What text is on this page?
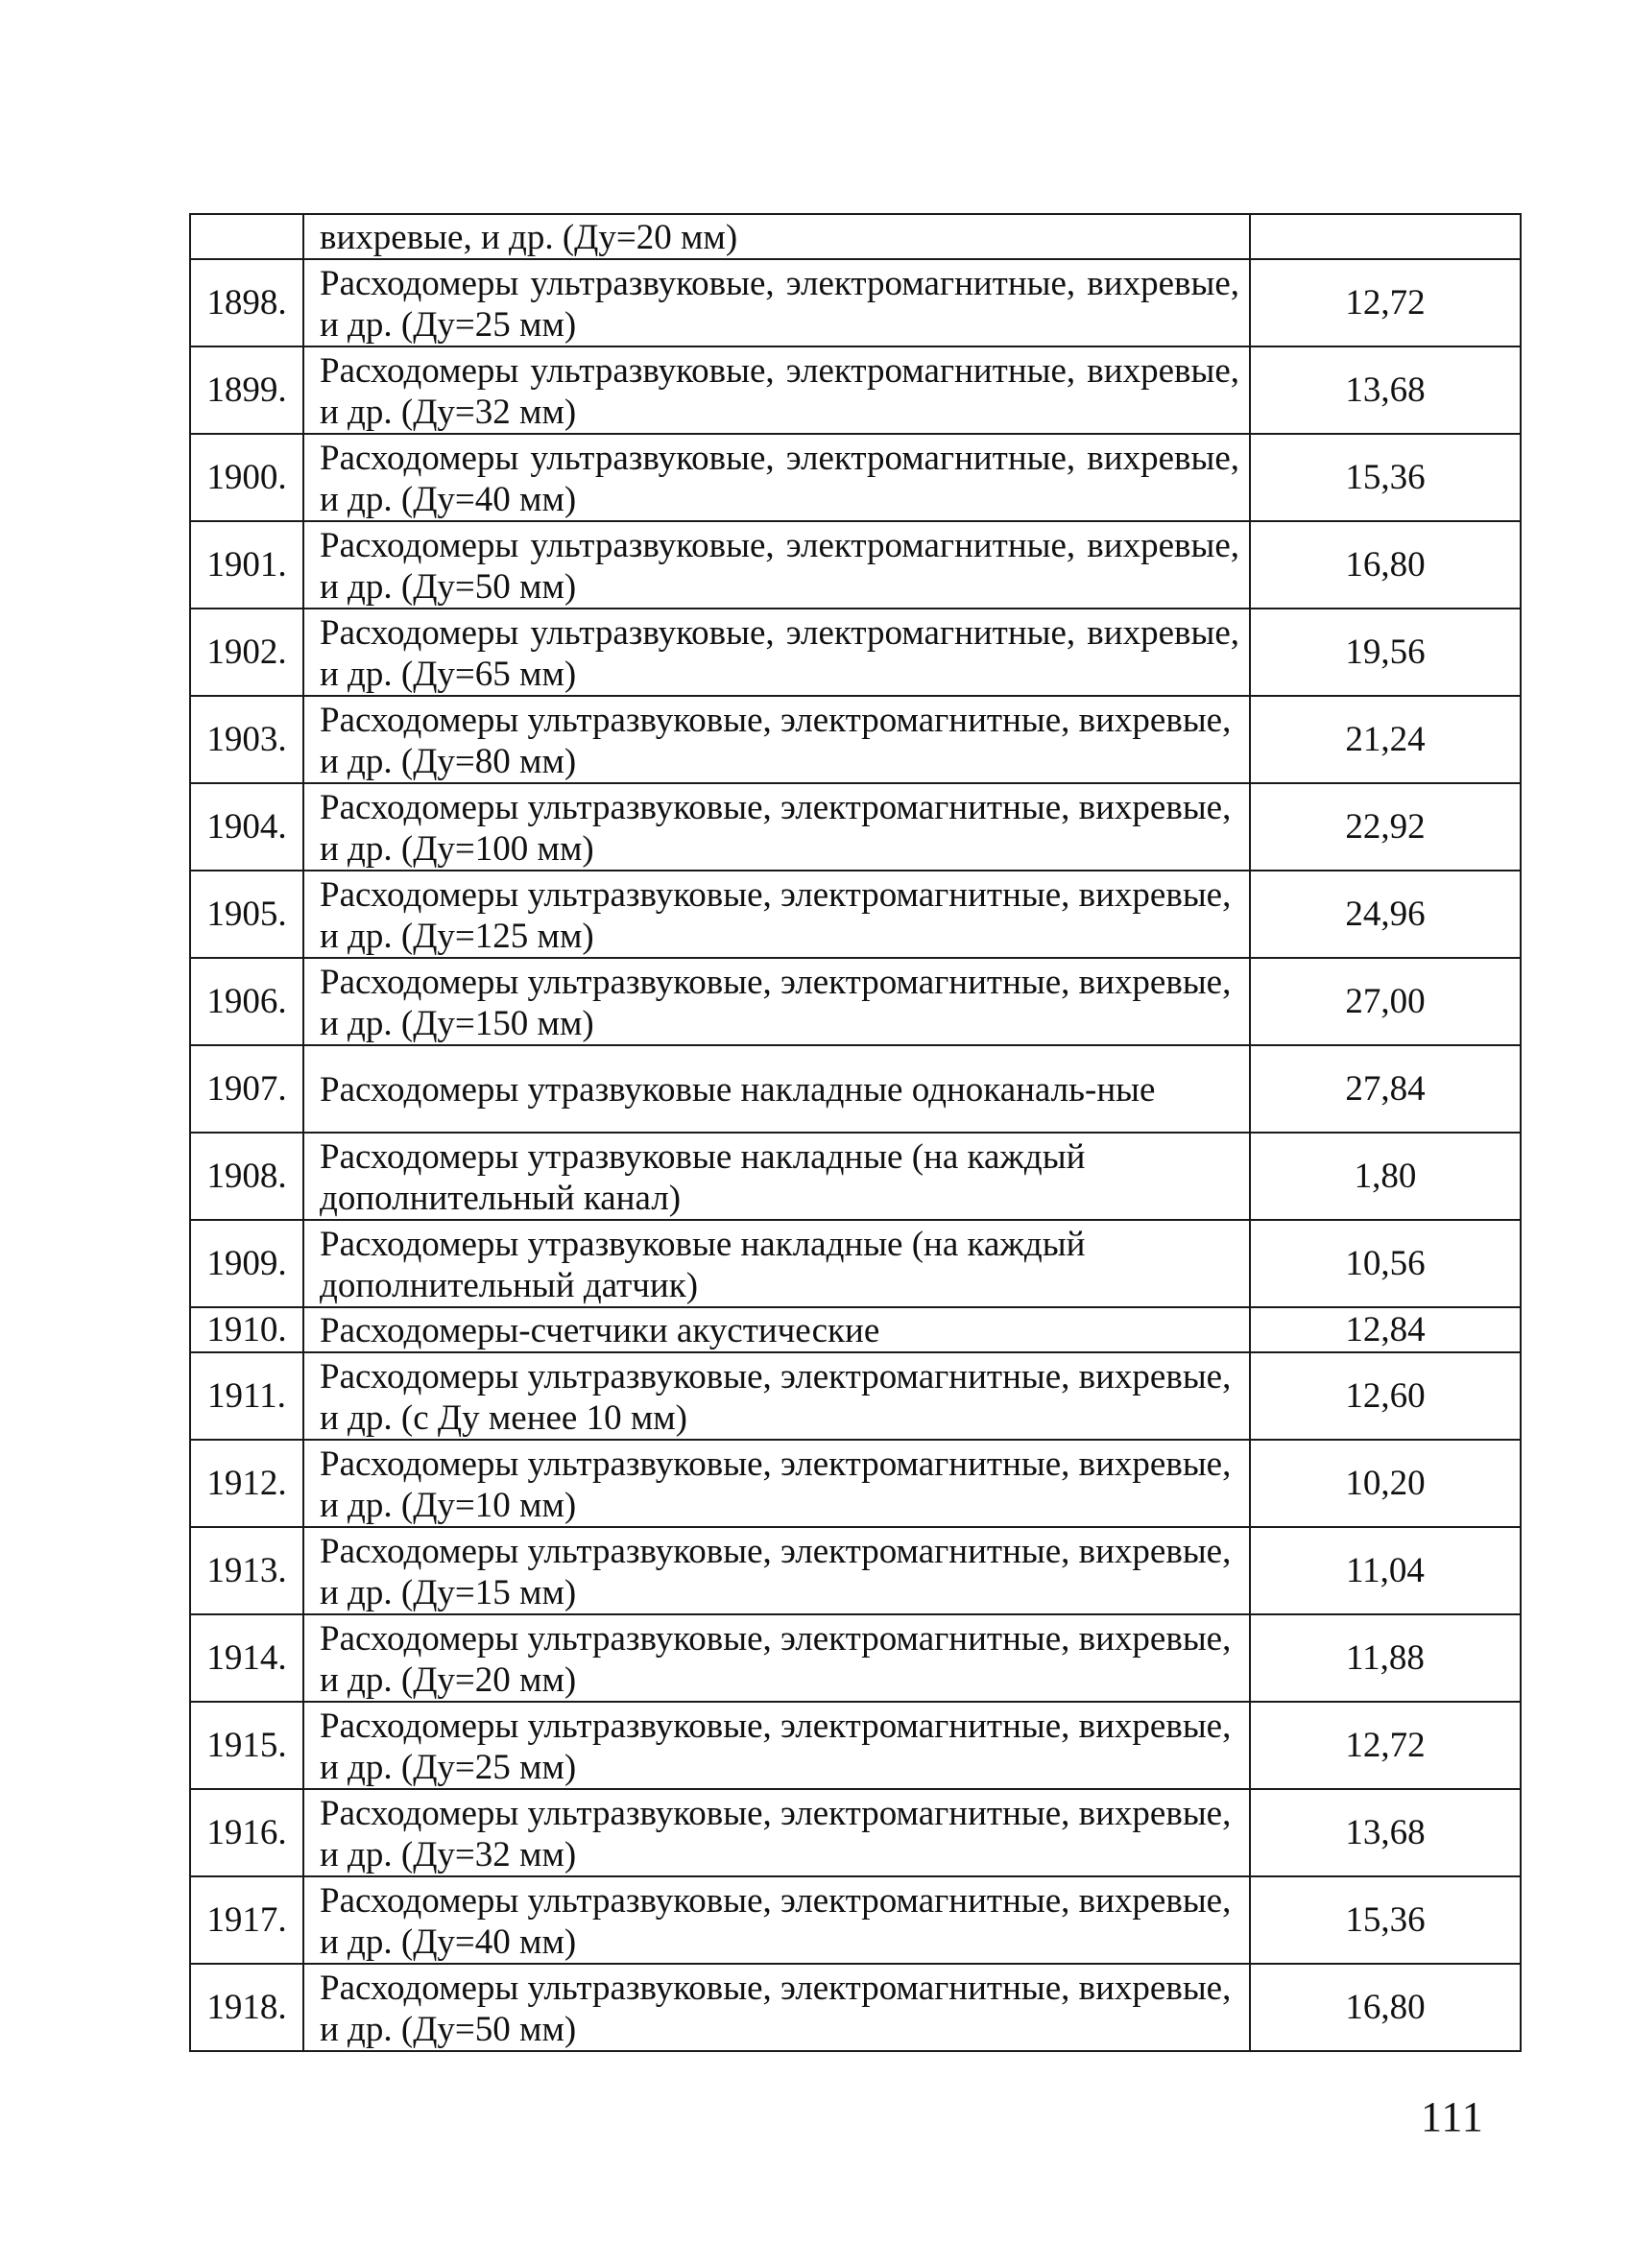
	вихревые, и др. (Ду=20 мм)	
1898.	Расходомеры ультразвуковые, электромагнитные, вихревые, и др. (Ду=25 мм)	12,72
1899.	Расходомеры ультразвуковые, электромагнитные, вихревые, и др. (Ду=32 мм)	13,68
1900.	Расходомеры ультразвуковые, электромагнитные, вихревые, и др. (Ду=40 мм)	15,36
1901.	Расходомеры ультразвуковые, электромагнитные, вихревые, и др. (Ду=50 мм)	16,80
1902.	Расходомеры ультразвуковые, электромагнитные, вихревые, и др. (Ду=65 мм)	19,56
1903.	Расходомеры ультразвуковые, электромагнитные, вихревые, и др. (Ду=80 мм)	21,24
1904.	Расходомеры ультразвуковые, электромагнитные, вихревые, и др. (Ду=100 мм)	22,92
1905.	Расходомеры ультразвуковые, электромагнитные, вихревые, и др. (Ду=125 мм)	24,96
1906.	Расходомеры ультразвуковые, электромагнитные, вихревые, и др. (Ду=150 мм)	27,00
1907.	Расходомеры утразвуковые накладные одноканаль-ные	27,84
1908.	Расходомеры утразвуковые накладные (на каждый дополнительный канал)	1,80
1909.	Расходомеры утразвуковые накладные (на каждый дополнительный датчик)	10,56
1910.	Расходомеры-счетчики акустические	12,84
1911.	Расходомеры ультразвуковые, электромагнитные, вихревые, и др. (с Ду менее 10 мм)	12,60
1912.	Расходомеры ультразвуковые, электромагнитные, вихревые, и др. (Ду=10 мм)	10,20
1913.	Расходомеры ультразвуковые, электромагнитные, вихревые, и др. (Ду=15 мм)	11,04
1914.	Расходомеры ультразвуковые, электромагнитные, вихревые, и др. (Ду=20 мм)	11,88
1915.	Расходомеры ультразвуковые, электромагнитные, вихревые, и др. (Ду=25 мм)	12,72
1916.	Расходомеры ультразвуковые, электромагнитные, вихревые, и др. (Ду=32 мм)	13,68
1917.	Расходомеры ультразвуковые, электромагнитные, вихревые, и др. (Ду=40 мм)	15,36
1918.	Расходомеры ультразвуковые, электромагнитные, вихревые, и др. (Ду=50 мм)	16,80
111
